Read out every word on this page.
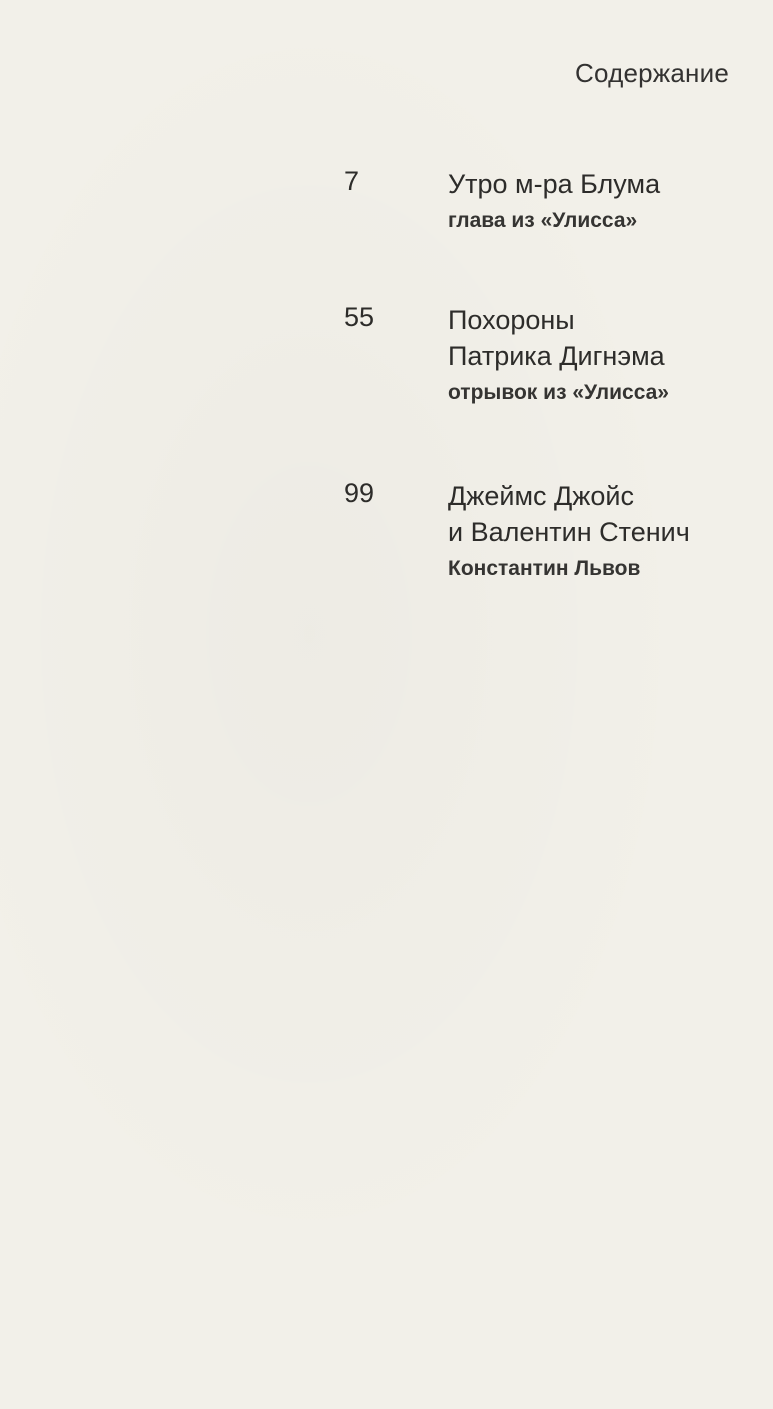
Содержание
7	Утро м-ра Блума
глава из «Улисса»
55	Похороны
Патрика Дигнэма
отрывок из «Улисса»
99	Джеймс Джойс
и Валентин Стенич
Константин Львов
